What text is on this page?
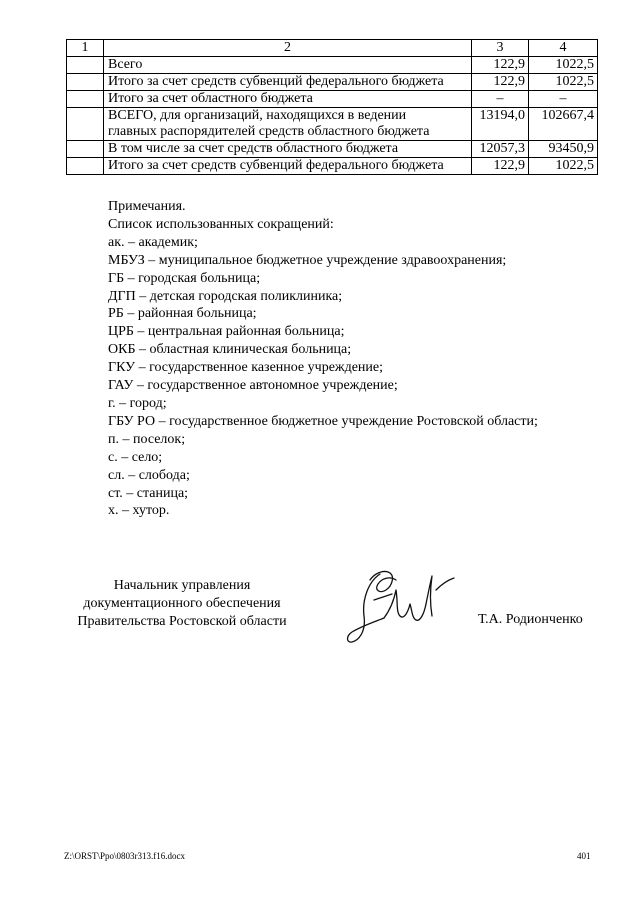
1	2	3	4
	Всего	122,9	1022,5
	Итого за счет средств субвенций федерального бюджета	122,9	1022,5
	Итого за счет областного бюджета	–	–

	ВСЕГО, для организаций, находящихся в ведении
главных распорядителей средств областного бюджета	13194,0	102667,4
	В том числе за счет средств областного бюджета	12057,3	93450,9
	Итого за счет средств субвенций федерального бюджета	122,9	1022,5
Примечания.
Список использованных сокращений:
ак. – академик;
МБУЗ – муниципальное бюджетное учреждение здравоохранения;
ГБ – городская больница;
ДГП – детская городская поликлиника;
РБ – районная больница;
ЦРБ – центральная районная больница;
ОКБ – областная клиническая больница;
ГКУ – государственное казенное учреждение;
ГАУ – государственное автономное учреждение;
г. – город;
ГБУ РО – государственное бюджетное учреждение Ростовской области;
п. – поселок;
с. – село;
сл. – слобода;
ст. – станица;
х. – хутор.
Начальник управления
документационного обеспечения
Правительства Ростовской области	Т.А. Родионченко
Z:\ORST\Ppo\0803r313.f16.docx	401
